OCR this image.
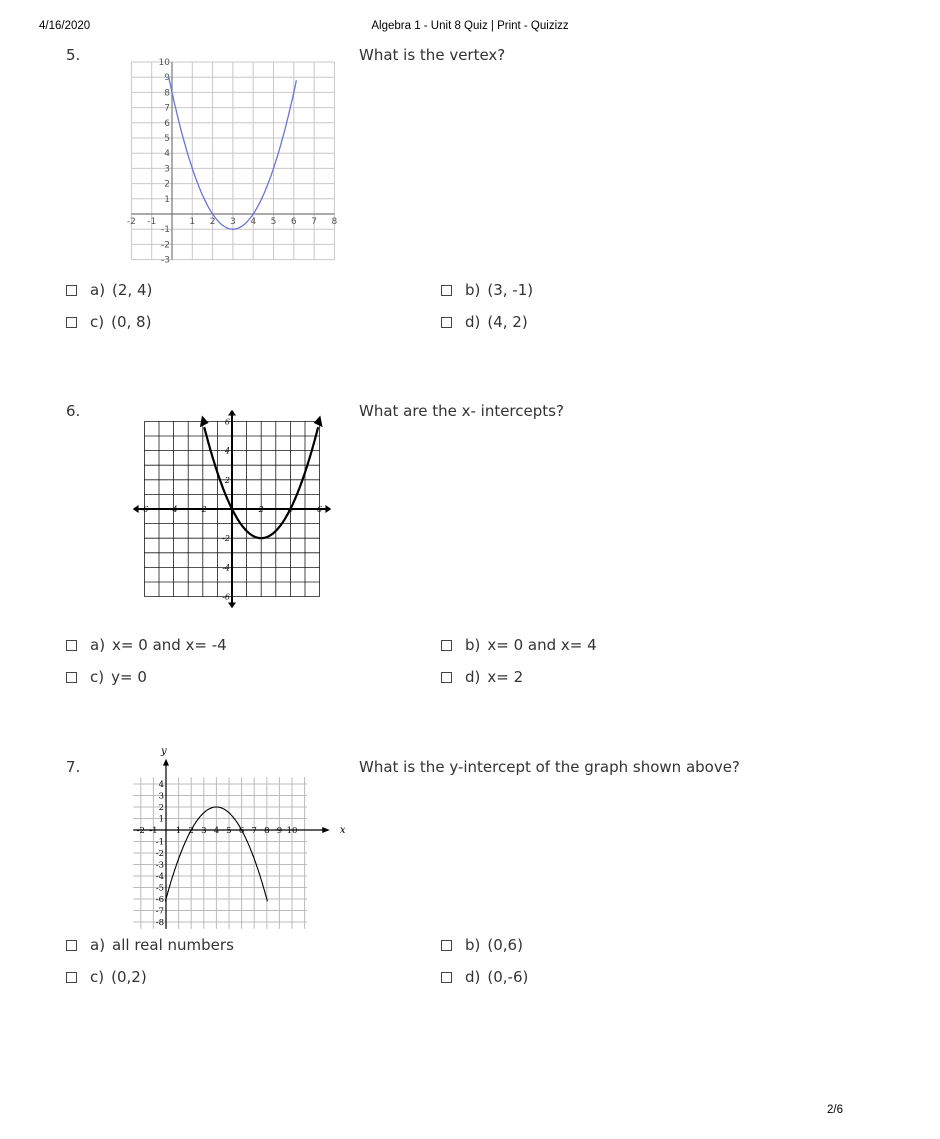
4/16/2020	Algebra 1 - Unit 8 Quiz | Print - Quizizz
5.	What is the vertex?
-2 -1	1 2 3 4 5 6 7 8
10
9
8
7
6
5
4
3
2
1
-1
-2
-3
a) (2, 4)	b) (3, -1)
c) (0, 8)	d) (4, 2)
6.	What are the x- intercepts?
-6	-4	-2	2	4	6
6
4
2
-2
-4
-6
a) x= 0 and x= -4	b) x= 0 and x= 4
c) y= 0	d) x= 2
7.	What is the y-intercept of the graph shown above?
x
y
-2 -1 1 2 3 4 5 6 7 8 9 10
4
3
2
1
-1
-2
-3
-4
-5
-6
-7
-8
a) all real numbers	b) (0,6)
c) (0,2)	d) (0,-6)
2/6
